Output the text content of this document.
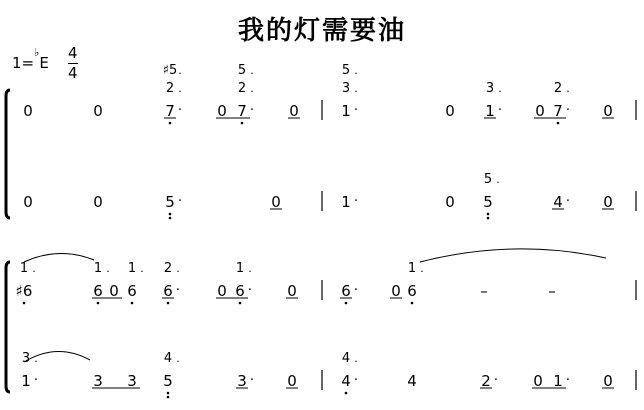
我的灯需要油
1=♭E
4
4
0	0	7 ·
♯5 .
2 .
0 7 ·
5 .
2 .
0	1 ·
5 .
3 .
0 1 ·
3 .
0 7 ·
2 .
0
0	0	5 ·	0	1 ·	0 5
5 .
4 · 0
♯6
1 .
6
1 .
0 6
1 .
6 ·
2 .
0 6 ·
1 .
0	6 · 0 6
1 .
–	–
1 ·
3 .
3 3 5
4 .
3 · 0	4 ·
4 .
4	2 · 0 1 · 0
